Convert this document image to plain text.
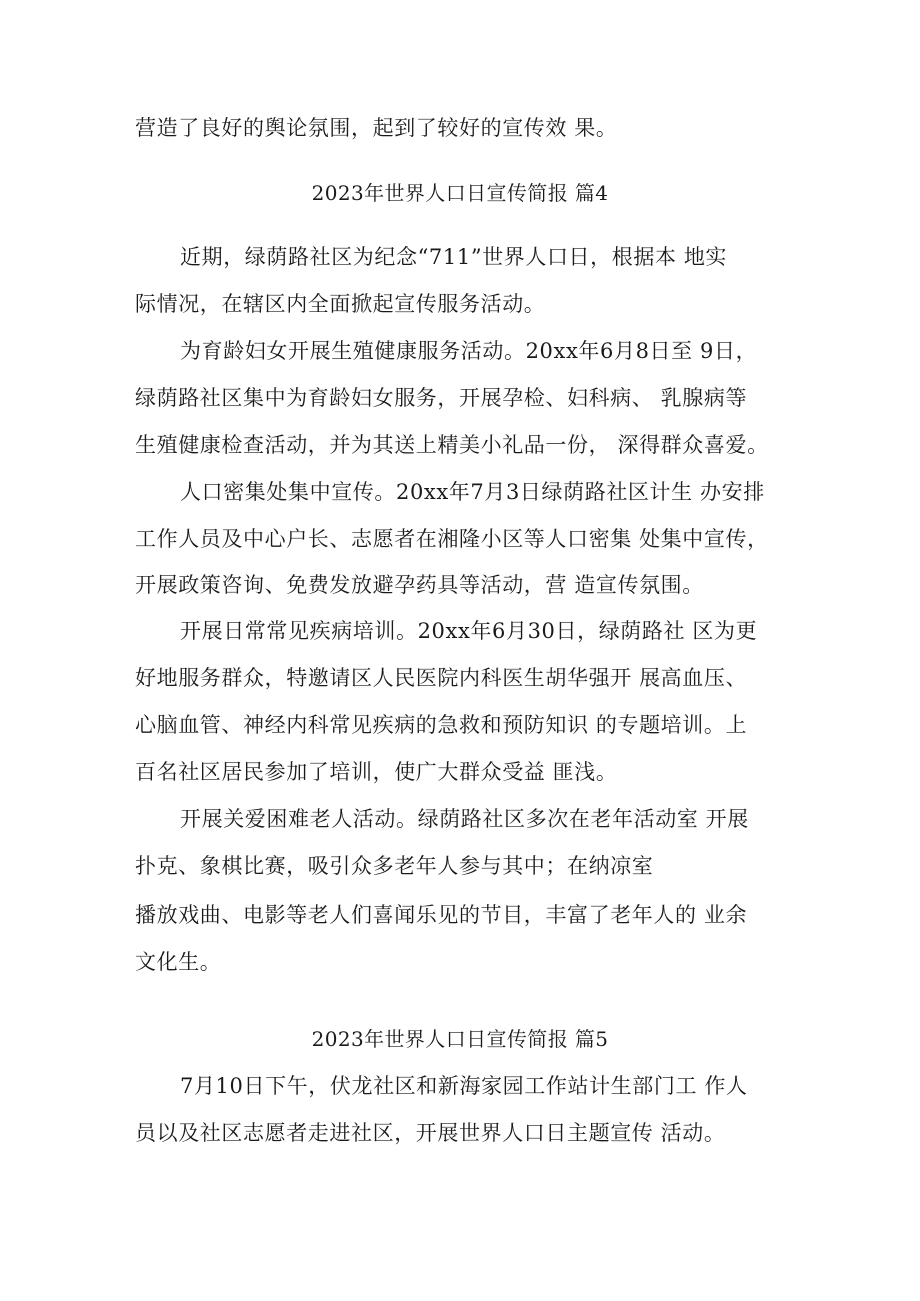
营造了良好的舆论氛围，起到了较好的宣传效 果。
2023年世界人口日宣传简报 篇4
近期，绿荫路社区为纪念“711”世界人口日，根据本 地实
际情况，在辖区内全面掀起宣传服务活动。
为育龄妇女开展生殖健康服务活动。20xx年6月8日至 9日，
绿荫路社区集中为育龄妇女服务，开展孕检、妇科病、 乳腺病等
生殖健康检查活动，并为其送上精美小礼品一份， 深得群众喜爱。
人口密集处集中宣传。20xx年7月3日绿荫路社区计生 办安排
工作人员及中心户长、志愿者在湘隆小区等人口密集 处集中宣传，
开展政策咨询、免费发放避孕药具等活动，营 造宣传氛围。
开展日常常见疾病培训。20xx年6月30日，绿荫路社 区为更
好地服务群众，特邀请区人民医院内科医生胡华强开 展高血压、
心脑血管、神经内科常见疾病的急救和预防知识 的专题培训。上
百名社区居民参加了培训，使广大群众受益 匪浅。
开展关爱困难老人活动。绿荫路社区多次在老年活动室 开展
扑克、象棋比赛，吸引众多老年人参与其中；在纳凉室
播放戏曲、电影等老人们喜闻乐见的节目，丰富了老年人的 业余
文化生。
2023年世界人口日宣传简报 篇5
7月10日下午，伏龙社区和新海家园工作站计生部门工 作人
员以及社区志愿者走进社区，开展世界人口日主题宣传 活动。
